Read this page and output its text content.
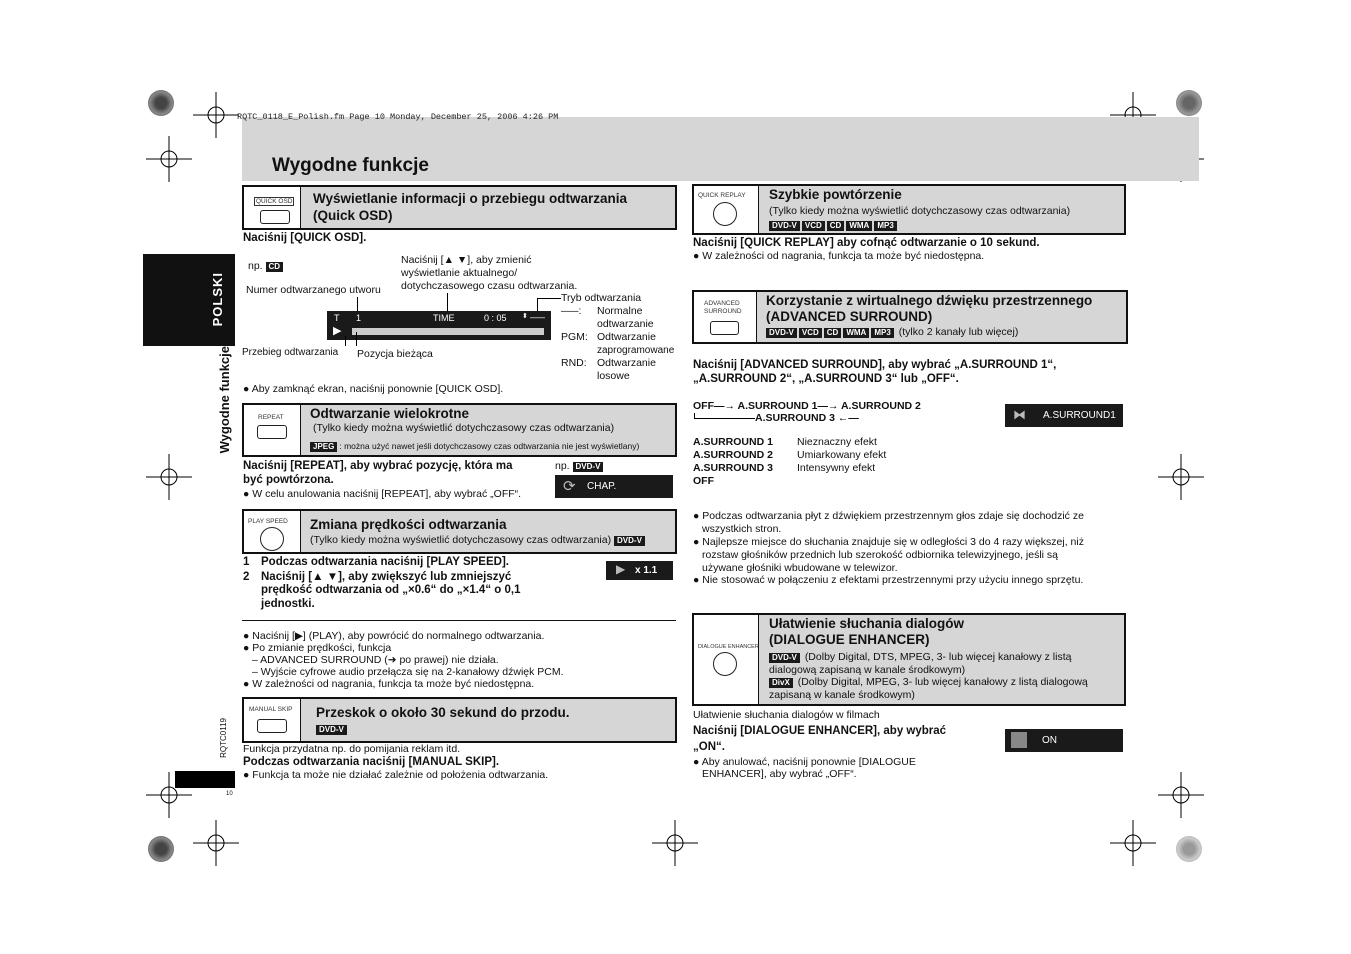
RQTC_0118_E_Polish.fm Page 10 Monday, December 25, 2006 4:26 PM
Wygodne funkcje
POLSKI
Wygodne funkcje
RQTC0119
10
QUICK OSD Wyświetlanie informacji o przebiegu odtwarzania (Quick OSD)
Naciśnij [QUICK OSD].
np. CD
Numer odtwarzanego utworu
Naciśnij [▲ ▼], aby zmienić
wyświetlanie aktualnego/
dotychczasowego czasu odtwarzania.
Tryb odtwarzania
T 1	TIME	0 : 05 ⬍ –––
▶
Przebieg odtwarzania Pozycja bieżąca
–––: Normalne
odtwarzanie
PGM: Odtwarzanie
zaprogramowane
RND: Odtwarzanie
losowe
● Aby zamknąć ekran, naciśnij ponownie [QUICK OSD].
REPEAT Odtwarzanie wielokrotne
(Tylko kiedy można wyświetlić dotychczasowy czas odtwarzania)
JPEG : można użyć nawet jeśli dotychczasowy czas odtwarzania nie jest wyświetlany)
Naciśnij [REPEAT], aby wybrać pozycję, która ma
być powtórzona.
● W celu anulowania naciśnij [REPEAT], aby wybrać „OFF“.
np. DVD-V
⟳ CHAP.
PLAY SPEED Zmiana prędkości odtwarzania
(Tylko kiedy można wyświetlić dotychczasowy czas odtwarzania) DVD-V
1 Podczas odtwarzania naciśnij [PLAY SPEED].
2 Naciśnij [▲ ▼], aby zwiększyć lub zmniejszyć
prędkość odtwarzania od „×0.6“ do „×1.4“ o 0,1
jednostki.
▶ x 1.1
● Naciśnij [▶] (PLAY), aby powrócić do normalnego odtwarzania.
● Po zmianie prędkości, funkcja
– ADVANCED SURROUND (➜ po prawej) nie działa.
– Wyjście cyfrowe audio przełącza się na 2-kanałowy dźwięk PCM.
● W zależności od nagrania, funkcja ta może być niedostępna.
MANUAL SKIP Przeskok o około 30 sekund do przodu.
DVD-V
Funkcja przydatna np. do pomijania reklam itd.
Podczas odtwarzania naciśnij [MANUAL SKIP].
● Funkcja ta może nie działać zależnie od położenia odtwarzania.
QUICK REPLAY Szybkie powtórzenie
(Tylko kiedy można wyświetlić dotychczasowy czas odtwarzania)
DVD-V VCD CD WMA MP3
Naciśnij [QUICK REPLAY] aby cofnąć odtwarzanie o 10 sekund.
● W zależności od nagrania, funkcja ta może być niedostępna.
ADVANCED
SURROUND
Korzystanie z wirtualnego dźwięku przestrzennego
(ADVANCED SURROUND)
DVD-V VCD CD WMA MP3 (tylko 2 kanały lub więcej)
Naciśnij [ADVANCED SURROUND], aby wybrać „A.SURROUND 1“,
„A.SURROUND 2“, „A.SURROUND 3“ lub „OFF“.
OFF—→ A.SURROUND 1—→ A.SURROUND 2
A.SURROUND 3 ←—	⧓ A.SURROUND1
A.SURROUND 1 Nieznaczny efekt
A.SURROUND 2 Umiarkowany efekt
A.SURROUND 3 Intensywny efekt
OFF
● Podczas odtwarzania płyt z dźwiękiem przestrzennym głos zdaje się dochodzić ze
wszystkich stron.
● Najlepsze miejsce do słuchania znajduje się w odległości 3 do 4 razy większej, niż
rozstaw głośników przednich lub szerokość odbiornika telewizyjnego, jeśli są
używane głośniki wbudowane w telewizor.
● Nie stosować w połączeniu z efektami przestrzennymi przy użyciu innego sprzętu.
DIALOGUE ENHANCER
Ułatwienie słuchania dialogów
(DIALOGUE ENHANCER)
DVD-V (Dolby Digital, DTS, MPEG, 3- lub więcej kanałowy z listą
dialogową zapisaną w kanale środkowym)
DivX (Dolby Digital, MPEG, 3- lub więcej kanałowy z listą dialogową
zapisaną w kanale środkowym)
Ułatwienie słuchania dialogów w filmach
Naciśnij [DIALOGUE ENHANCER], aby wybrać
„ON“.
ON
● Aby anulować, naciśnij ponownie [DIALOGUE
ENHANCER], aby wybrać „OFF“.
